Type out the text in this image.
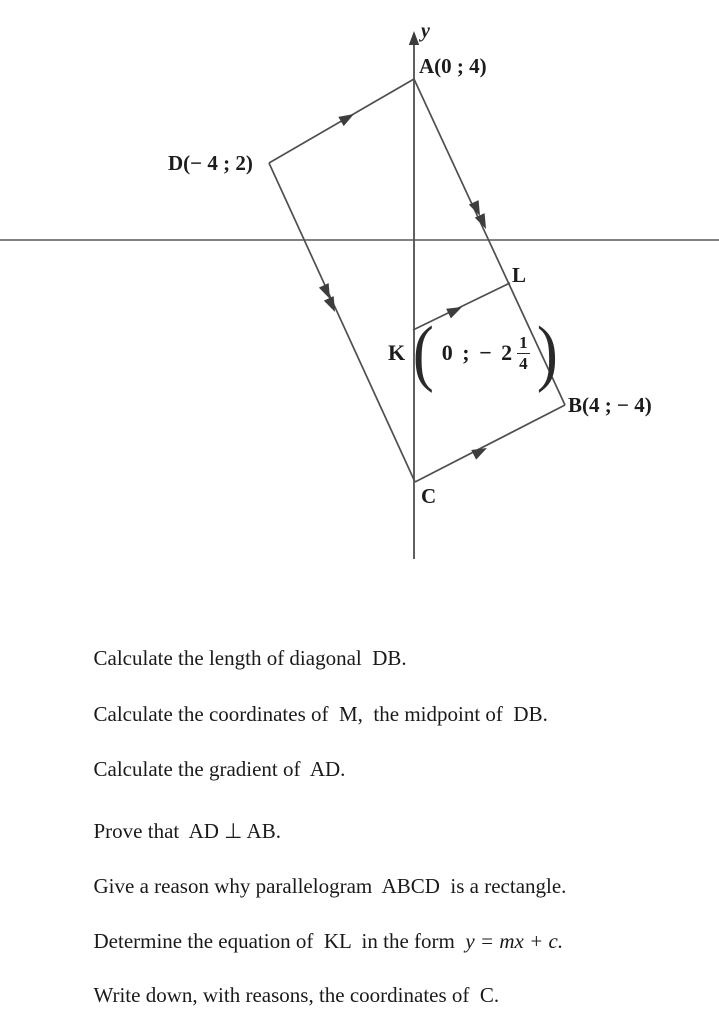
y
A(0 ; 4)
D(− 4 ; 2)
L
B(4 ; − 4)
C
K ( 0 ; − $2 \frac{1}{4}$ )

Calculate the length of diagonal  DB.

Calculate the coordinates of  M,  the midpoint of  DB.

Calculate the gradient of  AD.

Prove that  AD ⊥ AB.

Give a reason why parallelogram  ABCD  is a rectangle.

Determine the equation of  KL  in the form  y = mx + c.

Write down, with reasons, the coordinates of  C.
